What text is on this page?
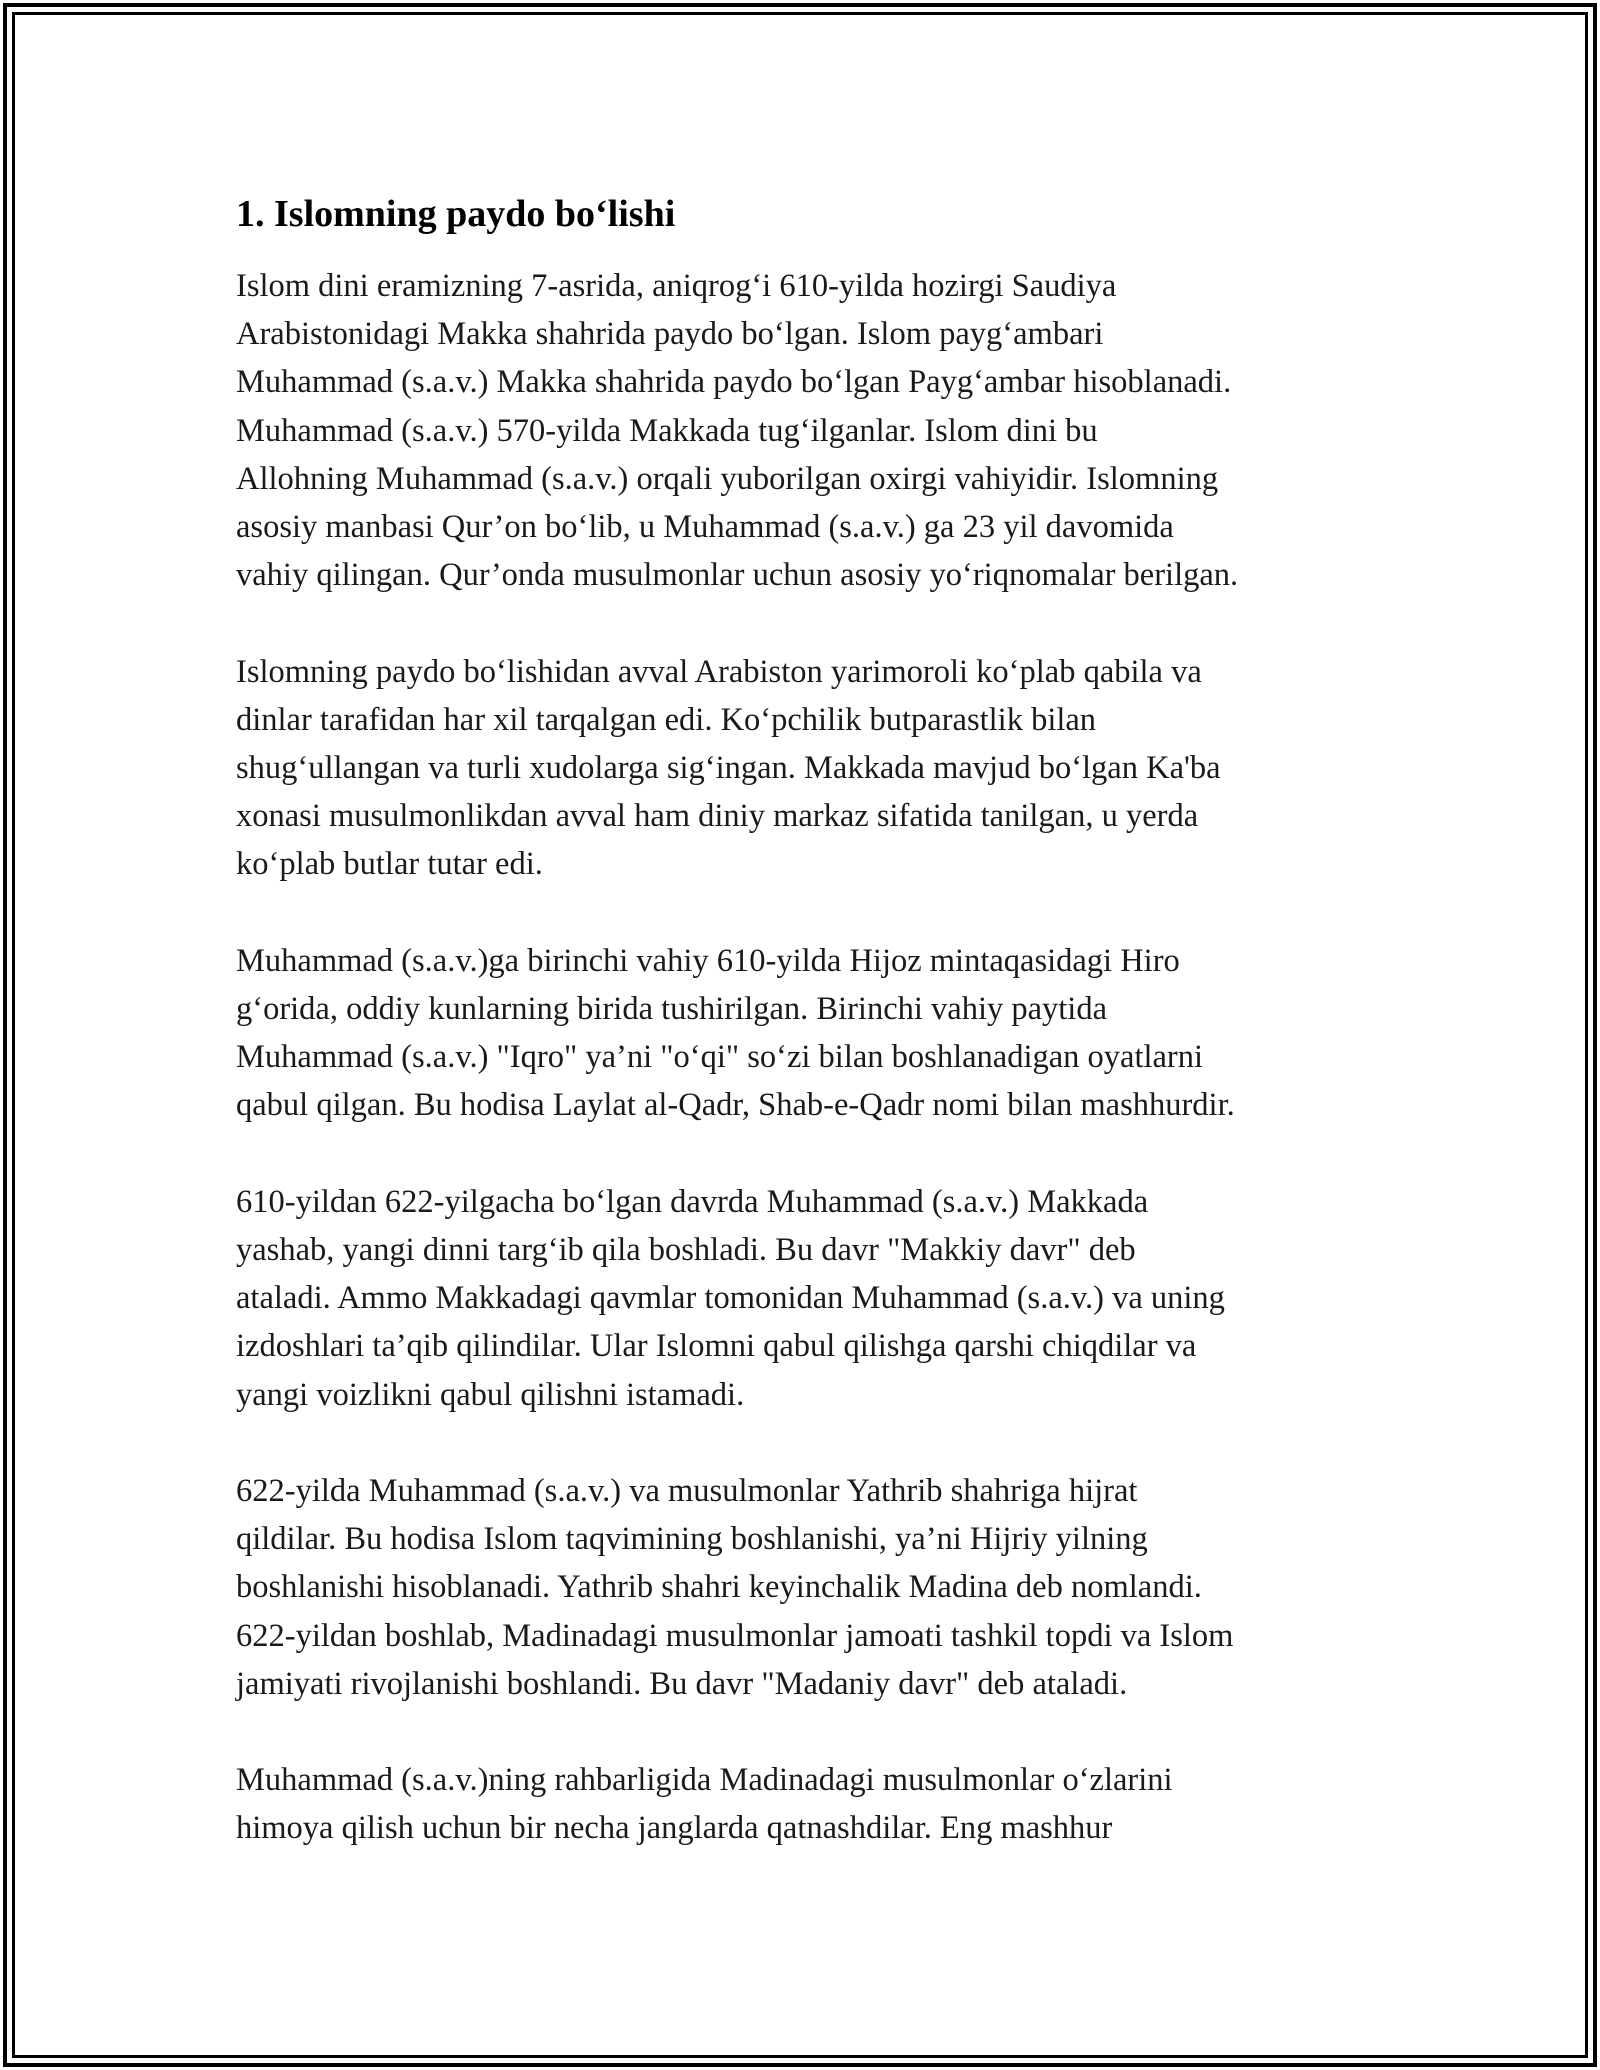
1. Islomning paydo bo‘lishi
Islom dini eramizning 7-asrida, aniqrog‘i 610-yilda hozirgi Saudiya
Arabistonidagi Makka shahrida paydo bo‘lgan. Islom payg‘ambari
Muhammad (s.a.v.) Makka shahrida paydo bo‘lgan Payg‘ambar hisoblanadi.
Muhammad (s.a.v.) 570-yilda Makkada tug‘ilganlar. Islom dini bu
Allohning Muhammad (s.a.v.) orqali yuborilgan oxirgi vahiyidir. Islomning
asosiy manbasi Qur’on bo‘lib, u Muhammad (s.a.v.) ga 23 yil davomida
vahiy qilingan. Qur’onda musulmonlar uchun asosiy yo‘riqnomalar berilgan.
Islomning paydo bo‘lishidan avval Arabiston yarimoroli ko‘plab qabila va
dinlar tarafidan har xil tarqalgan edi. Ko‘pchilik butparastlik bilan
shug‘ullangan va turli xudolarga sig‘ingan. Makkada mavjud bo‘lgan Ka'ba
xonasi musulmonlikdan avval ham diniy markaz sifatida tanilgan, u yerda
ko‘plab butlar tutar edi.
Muhammad (s.a.v.)ga birinchi vahiy 610-yilda Hijoz mintaqasidagi Hiro
g‘orida, oddiy kunlarning birida tushirilgan. Birinchi vahiy paytida
Muhammad (s.a.v.) "Iqro" ya’ni "o‘qi" so‘zi bilan boshlanadigan oyatlarni
qabul qilgan. Bu hodisa Laylat al-Qadr, Shab-e-Qadr nomi bilan mashhurdir.
610-yildan 622-yilgacha bo‘lgan davrda Muhammad (s.a.v.) Makkada
yashab, yangi dinni targ‘ib qila boshladi. Bu davr "Makkiy davr" deb
ataladi. Ammo Makkadagi qavmlar tomonidan Muhammad (s.a.v.) va uning
izdoshlari ta’qib qilindilar. Ular Islomni qabul qilishga qarshi chiqdilar va
yangi voizlikni qabul qilishni istamadi.
622-yilda Muhammad (s.a.v.) va musulmonlar Yathrib shahriga hijrat
qildilar. Bu hodisa Islom taqvimining boshlanishi, ya’ni Hijriy yilning
boshlanishi hisoblanadi. Yathrib shahri keyinchalik Madina deb nomlandi.
622-yildan boshlab, Madinadagi musulmonlar jamoati tashkil topdi va Islom
jamiyati rivojlanishi boshlandi. Bu davr "Madaniy davr" deb ataladi.
Muhammad (s.a.v.)ning rahbarligida Madinadagi musulmonlar o‘zlarini
himoya qilish uchun bir necha janglarda qatnashdilar. Eng mashhur
